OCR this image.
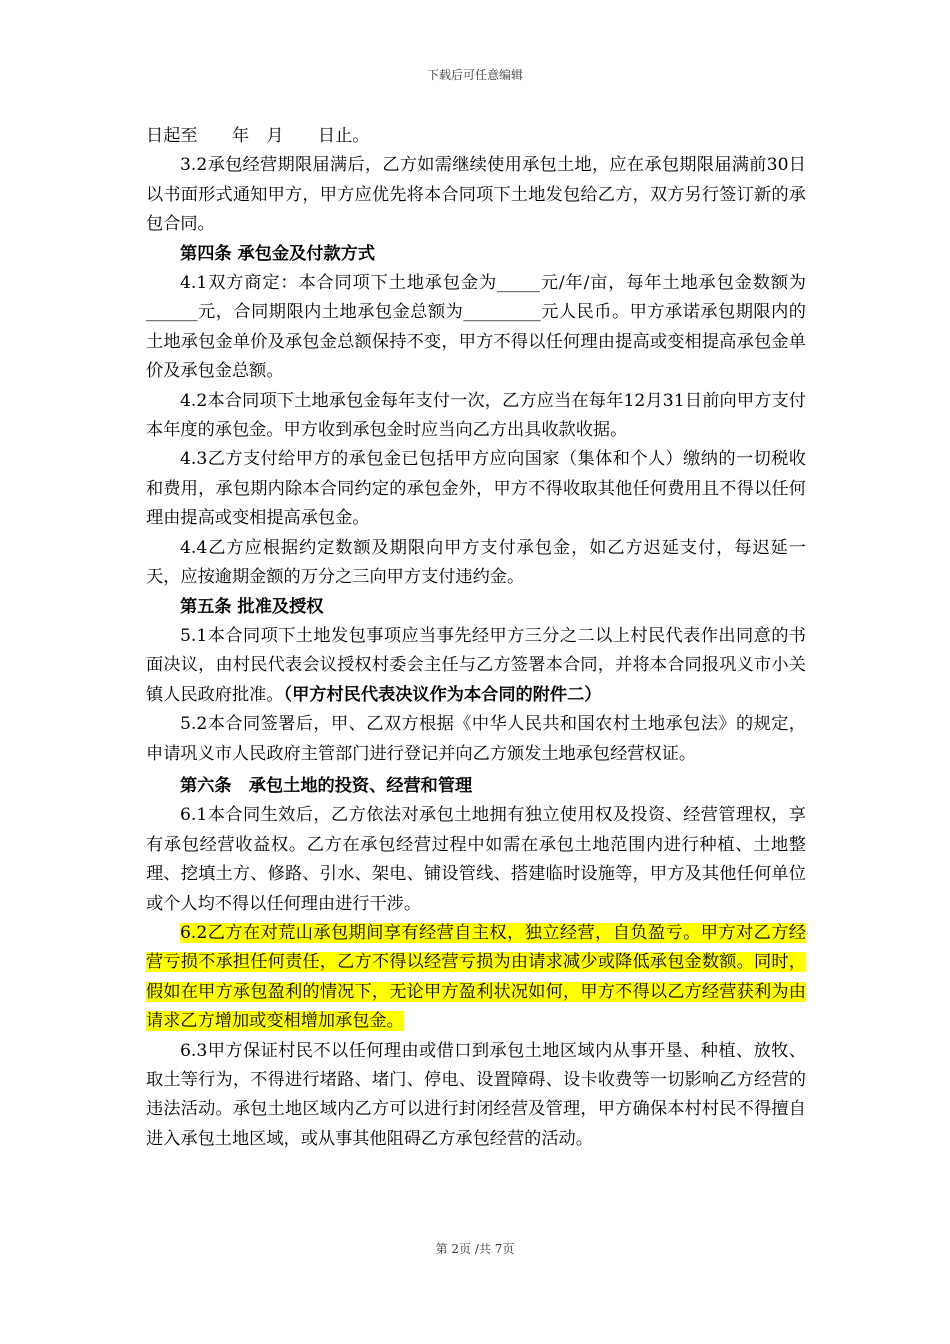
下载后可任意编辑

日起至　　年　月　　日止。

3.2承包经营期限届满后，乙方如需继续使用承包土地，应在承包期限届满前30日以书面形式通知甲方，甲方应优先将本合同项下土地发包给乙方，双方另行签订新的承包合同。

第四条 承包金及付款方式

4.1双方商定：本合同项下土地承包金为_____元/年/亩，每年土地承包金数额为______元，合同期限内土地承包金总额为_________元人民币。甲方承诺承包期限内的土地承包金单价及承包金总额保持不变，甲方不得以任何理由提高或变相提高承包金单价及承包金总额。

4.2本合同项下土地承包金每年支付一次，乙方应当在每年12月31日前向甲方支付本年度的承包金。甲方收到承包金时应当向乙方出具收款收据。

4.3乙方支付给甲方的承包金已包括甲方应向国家（集体和个人）缴纳的一切税收和费用，承包期内除本合同约定的承包金外，甲方不得收取其他任何费用且不得以任何理由提高或变相提高承包金。

4.4乙方应根据约定数额及期限向甲方支付承包金，如乙方迟延支付，每迟延一天，应按逾期金额的万分之三向甲方支付违约金。

第五条 批准及授权

5.1本合同项下土地发包事项应当事先经甲方三分之二以上村民代表作出同意的书面决议，由村民代表会议授权村委会主任与乙方签署本合同，并将本合同报巩义市小关镇人民政府批准。（甲方村民代表决议作为本合同的附件二）

5.2本合同签署后，甲、乙双方根据《中华人民共和国农村土地承包法》的规定，申请巩义市人民政府主管部门进行登记并向乙方颁发土地承包经营权证。

第六条　承包土地的投资、经营和管理

6.1本合同生效后，乙方依法对承包土地拥有独立使用权及投资、经营管理权，享有承包经营收益权。乙方在承包经营过程中如需在承包土地范围内进行种植、土地整理、挖填土方、修路、引水、架电、铺设管线、搭建临时设施等，甲方及其他任何单位或个人均不得以任何理由进行干涉。

6.2乙方在对荒山承包期间享有经营自主权，独立经营，自负盈亏。甲方对乙方经营亏损不承担任何责任，乙方不得以经营亏损为由请求减少或降低承包金数额。同时，假如在甲方承包盈利的情况下，无论甲方盈利状况如何，甲方不得以乙方经营获利为由请求乙方增加或变相增加承包金。

6.3甲方保证村民不以任何理由或借口到承包土地区域内从事开垦、种植、放牧、取土等行为，不得进行堵路、堵门、停电、设置障碍、设卡收费等一切影响乙方经营的违法活动。承包土地区域内乙方可以进行封闭经营及管理，甲方确保本村村民不得擅自进入承包土地区域，或从事其他阻碍乙方承包经营的活动。

第 2页 /共 7页
